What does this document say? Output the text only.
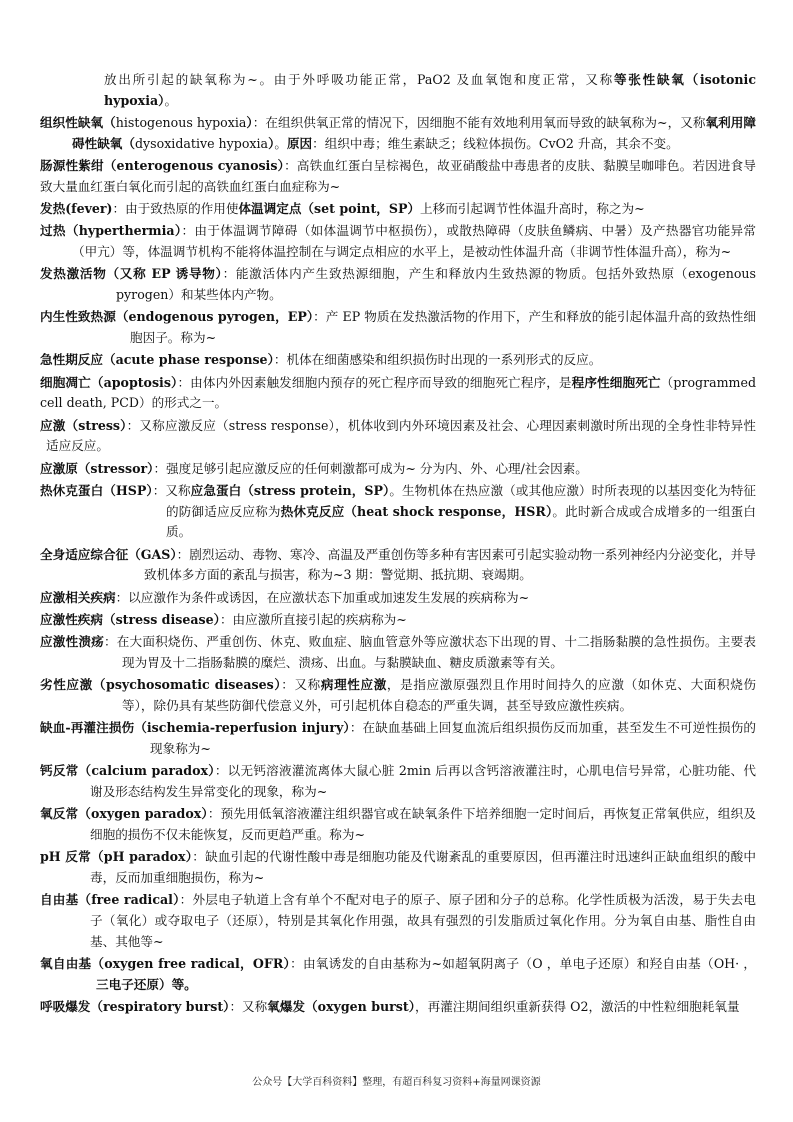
放出所引起的缺氧称为~。由于外呼吸功能正常，PaO2 及血氧饱和度正常，又称等张性缺氧（isotonic hypoxia）。

组织性缺氧（histogenous hypoxia）：在组织供氧正常的情况下，因细胞不能有效地利用氧而导致的缺氧称为~，又称氧利用障碍性缺氧（dysoxidative hypoxia）。原因：组织中毒；维生素缺乏；线粒体损伤。CvO2 升高，其余不变。

肠源性紫绀（enterogenous cyanosis）：高铁血红蛋白呈棕褐色，故亚硝酸盐中毒患者的皮肤、黏膜呈咖啡色。若因进食导致大量血红蛋白氧化而引起的高铁血红蛋白血症称为~

发热(fever)：由于致热原的作用使体温调定点（set point，SP）上移而引起调节性体温升高时，称之为~

过热（hyperthermia）：由于体温调节障碍（如体温调节中枢损伤），或散热障碍（皮肤鱼鳞病、中暑）及产热器官功能异常（甲亢）等，体温调节机构不能将体温控制在与调定点相应的水平上，是被动性体温升高（非调节性体温升高），称为~

发热激活物（又称 EP 诱导物）：能激活体内产生致热源细胞，产生和释放内生致热源的物质。包括外致热原（exogenous pyrogen）和某些体内产物。

内生性致热源（endogenous pyrogen，EP）：产 EP 物质在发热激活物的作用下，产生和释放的能引起体温升高的致热性细胞因子。称为~

急性期反应（acute phase response）：机体在细菌感染和组织损伤时出现的一系列形式的反应。

细胞凋亡（apoptosis）：由体内外因素触发细胞内预存的死亡程序而导致的细胞死亡程序，是程序性细胞死亡（programmed cell death, PCD）的形式之一。

应激（stress）：又称应激反应（stress response），机体收到内外环境因素及社会、心理因素刺激时所出现的全身性非特异性适应反应。

应激原（stressor）：强度足够引起应激反应的任何刺激都可成为~ 分为内、外、心理/社会因素。

热休克蛋白（HSP）：又称应急蛋白（stress protein，SP）。生物机体在热应激（或其他应激）时所表现的以基因变化为特征的防御适应反应称为热休克反应（heat shock response，HSR）。此时新合成或合成增多的一组蛋白质。

全身适应综合征（GAS）：剧烈运动、毒物、寒冷、高温及严重创伤等多种有害因素可引起实验动物一系列神经内分泌变化，并导致机体多方面的紊乱与损害，称为~3 期：警觉期、抵抗期、衰竭期。

应激相关疾病：以应激作为条件或诱因，在应激状态下加重或加速发生发展的疾病称为~

应激性疾病（stress disease）：由应激所直接引起的疾病称为~

应激性溃疡：在大面积烧伤、严重创伤、休克、败血症、脑血管意外等应激状态下出现的胃、十二指肠黏膜的急性损伤。主要表现为胃及十二指肠黏膜的糜烂、溃疡、出血。与黏膜缺血、糖皮质激素等有关。

劣性应激（psychosomatic diseases）：又称病理性应激，是指应激原强烈且作用时间持久的应激（如休克、大面积烧伤等），除仍具有某些防御代偿意义外，可引起机体自稳态的严重失调，甚至导致应激性疾病。

缺血-再灌注损伤（ischemia-reperfusion injury）：在缺血基础上回复血流后组织损伤反而加重，甚至发生不可逆性损伤的现象称为~

钙反常（calcium paradox）：以无钙溶液灌流离体大鼠心脏 2min 后再以含钙溶液灌注时，心肌电信号异常，心脏功能、代谢及形态结构发生异常变化的现象，称为~

氧反常（oxygen paradox）：预先用低氧溶液灌注组织器官或在缺氧条件下培养细胞一定时间后，再恢复正常氧供应，组织及细胞的损伤不仅未能恢复，反而更趋严重。称为~

pH 反常（pH paradox）：缺血引起的代谢性酸中毒是细胞功能及代谢紊乱的重要原因，但再灌注时迅速纠正缺血组织的酸中毒，反而加重细胞损伤，称为~

自由基（free radical）：外层电子轨道上含有单个不配对电子的原子、原子团和分子的总称。化学性质极为活泼，易于失去电子（氧化）或夺取电子（还原），特别是其氧化作用强，故具有强烈的引发脂质过氧化作用。分为氧自由基、脂性自由基、其他等~

氧自由基（oxygen free radical，OFR）：由氧诱发的自由基称为~如超氧阴离子（O ，单电子还原）和羟自由基（OH· ，三电子还原）等。

呼吸爆发（respiratory burst）：又称氧爆发（oxygen burst），再灌注期间组织重新获得 O2，激活的中性粒细胞耗氧量

公众号【大学百科资料】整理，有超百科复习资料+海量网课资源
